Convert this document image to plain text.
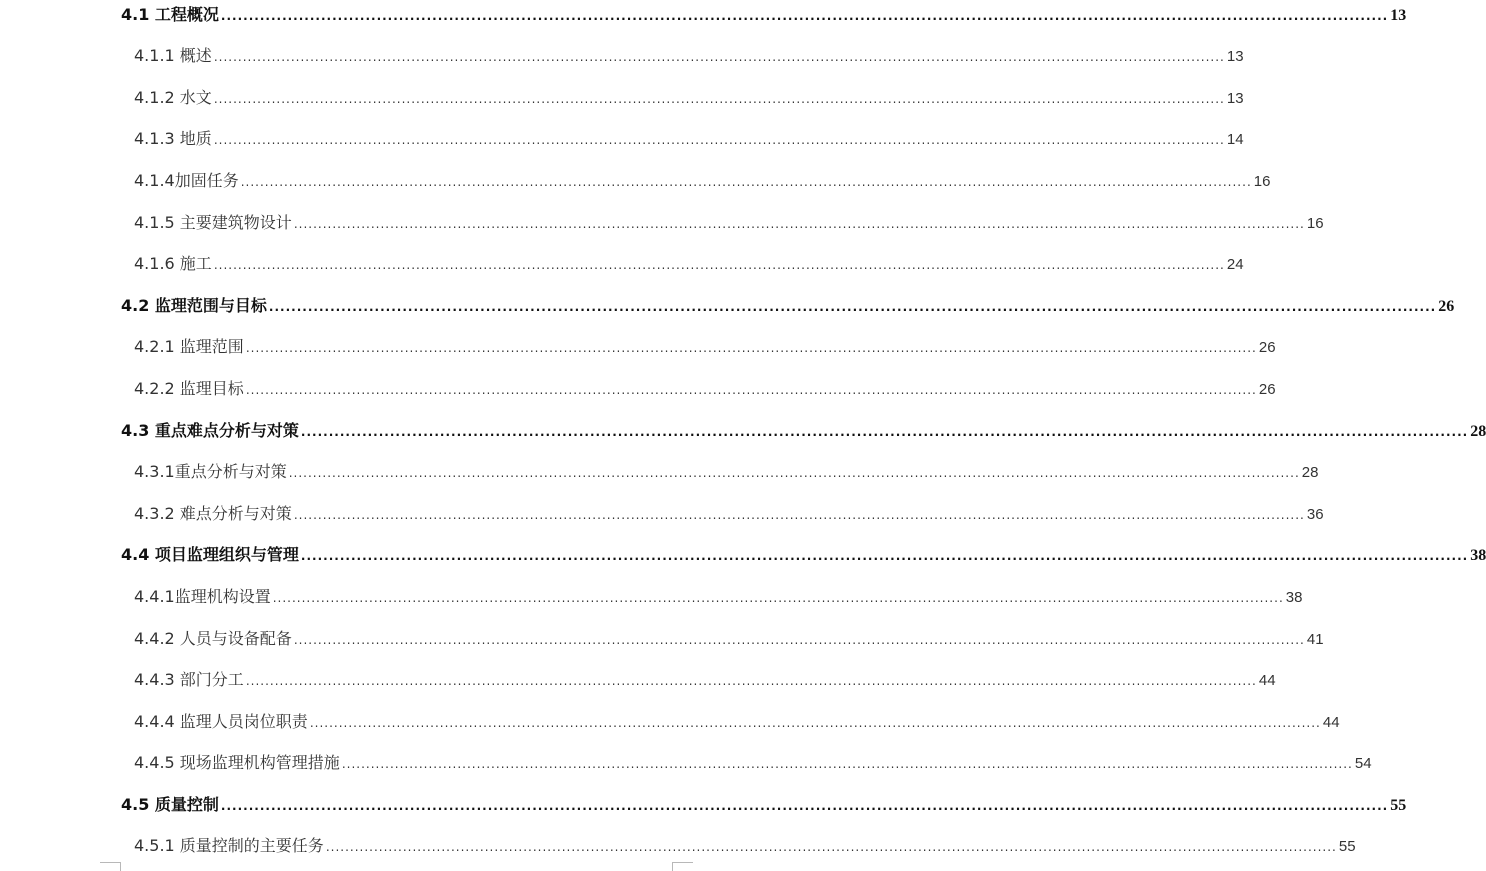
4.1 工程概况 .................................................................................................................................................................................................................. 13
4.1.1 概述 .................................................................................................................................................................................................................. 13
4.1.2 水文 .................................................................................................................................................................................................................. 13
4.1.3 地质 .................................................................................................................................................................................................................. 14
4.1.4加固任务 .................................................................................................................................................................................................................. 16
4.1.5 主要建筑物设计 .................................................................................................................................................................................................................. 16
4.1.6 施工 .................................................................................................................................................................................................................. 24
4.2 监理范围与目标 .................................................................................................................................................................................................................. 26
4.2.1 监理范围 .................................................................................................................................................................................................................. 26
4.2.2 监理目标 .................................................................................................................................................................................................................. 26
4.3 重点难点分析与对策 .................................................................................................................................................................................................................. 28
4.3.1重点分析与对策 .................................................................................................................................................................................................................. 28
4.3.2 难点分析与对策 .................................................................................................................................................................................................................. 36
4.4 项目监理组织与管理 .................................................................................................................................................................................................................. 38
4.4.1监理机构设置 .................................................................................................................................................................................................................. 38
4.4.2 人员与设备配备 .................................................................................................................................................................................................................. 41
4.4.3 部门分工 .................................................................................................................................................................................................................. 44
4.4.4 监理人员岗位职责 .................................................................................................................................................................................................................. 44
4.4.5 现场监理机构管理措施 .................................................................................................................................................................................................................. 54
4.5 质量控制 .................................................................................................................................................................................................................. 55
4.5.1 质量控制的主要任务 .................................................................................................................................................................................................................. 55
